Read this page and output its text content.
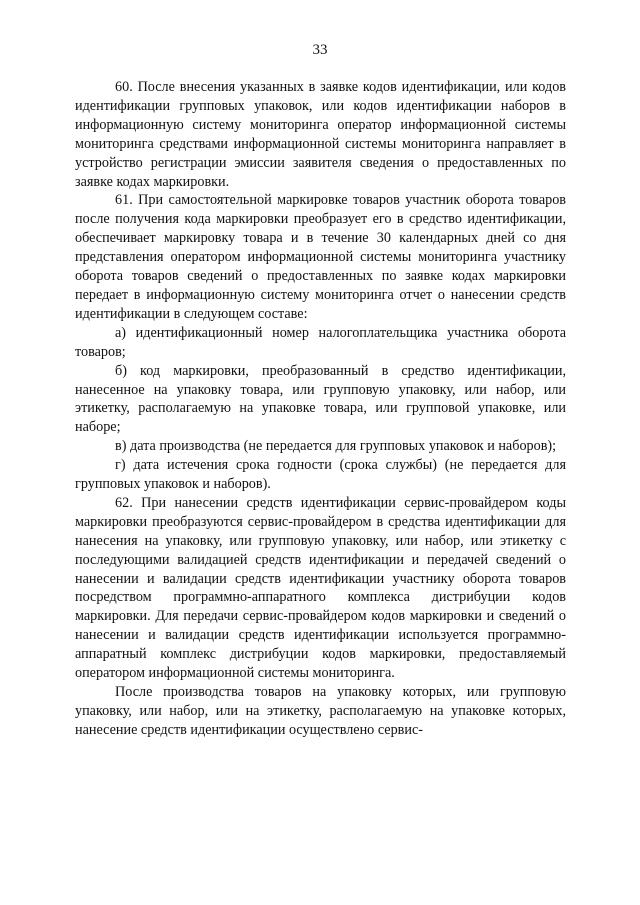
33

60. После внесения указанных в заявке кодов идентификации, или кодов идентификации групповых упаковок, или кодов идентификации наборов в информационную систему мониторинга оператор информационной системы мониторинга средствами информационной системы мониторинга направляет в устройство регистрации эмиссии заявителя сведения о предоставленных по заявке кодах маркировки.

61. При самостоятельной маркировке товаров участник оборота товаров после получения кода маркировки преобразует его в средство идентификации, обеспечивает маркировку товара и в течение 30 календарных дней со дня представления оператором информационной системы мониторинга участнику оборота товаров сведений о предоставленных по заявке кодах маркировки передает в информационную систему мониторинга отчет о нанесении средств идентификации в следующем составе:

а) идентификационный номер налогоплательщика участника оборота товаров;

б) код маркировки, преобразованный в средство идентификации, нанесенное на упаковку товара, или групповую упаковку, или набор, или этикетку, располагаемую на упаковке товара, или групповой упаковке, или наборе;

в) дата производства (не передается для групповых упаковок и наборов);

г) дата истечения срока годности (срока службы) (не передается для групповых упаковок и наборов).

62. При нанесении средств идентификации сервис-провайдером коды маркировки преобразуются сервис-провайдером в средства идентификации для нанесения на упаковку, или групповую упаковку, или набор, или этикетку с последующими валидацией средств идентификации и передачей сведений о нанесении и валидации средств идентификации участнику оборота товаров посредством программно-аппаратного комплекса дистрибуции кодов маркировки. Для передачи сервис-провайдером кодов маркировки и сведений о нанесении и валидации средств идентификации используется программно-аппаратный комплекс дистрибуции кодов маркировки, предоставляемый оператором информационной системы мониторинга.

После производства товаров на упаковку которых, или групповую упаковку, или набор, или на этикетку, располагаемую на упаковке которых, нанесение средств идентификации осуществлено сервис-
